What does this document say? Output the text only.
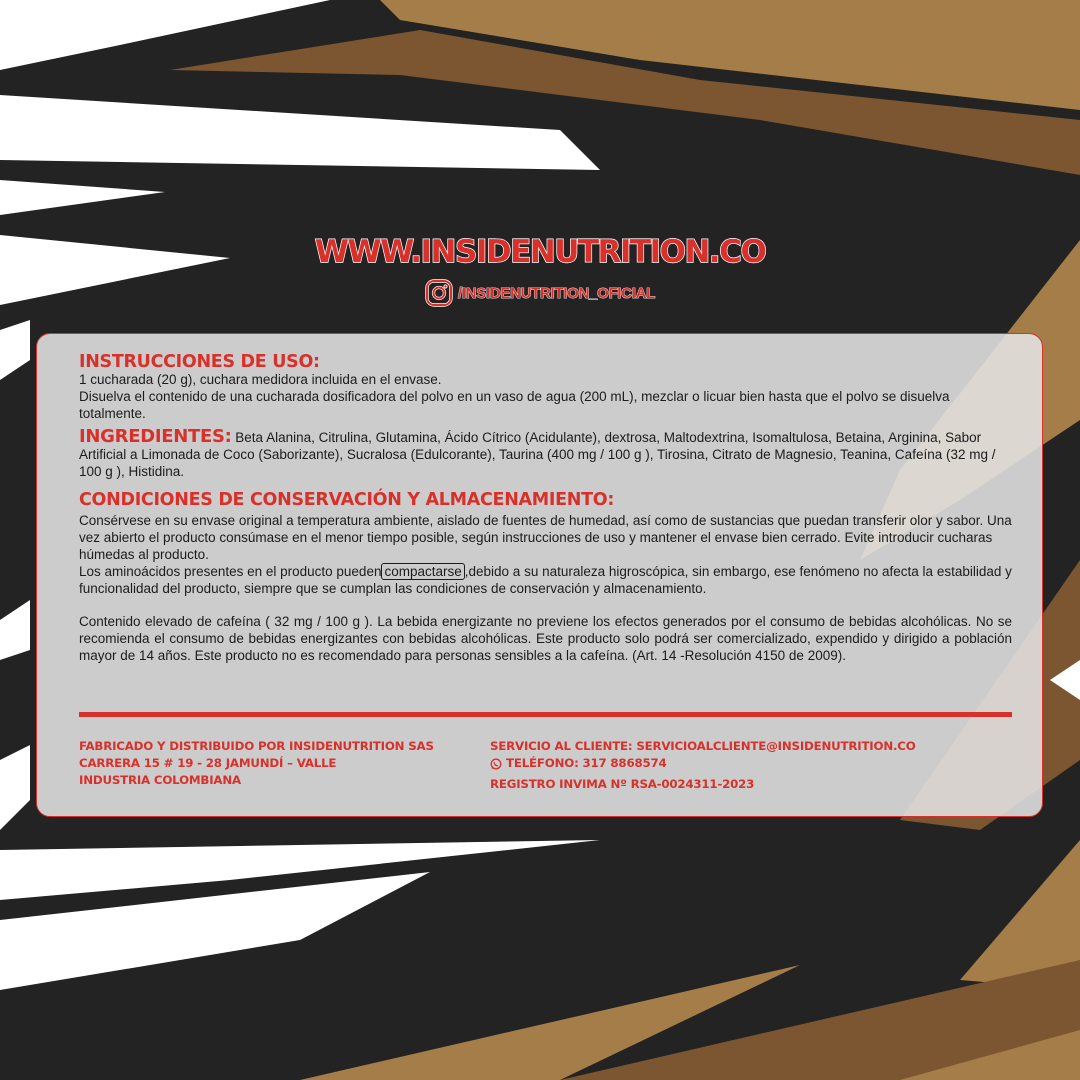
WWW.INSIDENUTRITION.CO
/INSIDENUTRITION_OFICIAL
INSTRUCCIONES DE USO:

1 cucharada (20 g), cuchara medidora incluida en el envase.

Disuelva el contenido de una cucharada dosificadora del polvo en un vaso de agua (200 mL), mezclar o licuar bien hasta que el polvo se disuelva totalmente.

INGREDIENTES: Beta Alanina, Citrulina, Glutamina, Ácido Cítrico (Acidulante), dextrosa, Maltodextrina, Isomaltulosa, Betaina, Arginina, Sabor Artificial a Limonada de Coco (Saborizante), Sucralosa (Edulcorante), Taurina (400 mg / 100 g ), Tirosina, Citrato de Magnesio, Teanina, Cafeína (32 mg / 100 g ), Histidina.

CONDICIONES DE CONSERVACIÓN Y ALMACENAMIENTO:

Consérvese en su envase original a temperatura ambiente, aislado de fuentes de humedad, así como de sustancias que puedan transferir olor y sabor. Una vez abierto el producto consúmase en el menor tiempo posible, según instrucciones de uso y mantener el envase bien cerrado. Evite introducir cucharas húmedas al producto.

Los aminoácidos presentes en el producto pueden compactarse ,debido a su naturaleza higroscópica, sin embargo, ese fenómeno no afecta la estabilidad y funcionalidad del producto, siempre que se cumplan las condiciones de conservación y almacenamiento.

Contenido elevado de cafeína ( 32 mg / 100 g ). La bebida energizante no previene los efectos generados por el consumo de bebidas alcohólicas. No se recomienda el consumo de bebidas energizantes con bebidas alcohólicas. Este producto solo podrá ser comercializado, expendido y dirigido a población mayor de 14 años. Este producto no es recomendado para personas sensibles a la cafeína. (Art. 14 -Resolución 4150 de 2009).

FABRICADO Y DISTRIBUIDO POR INSIDENUTRITION SAS
CARRERA 15 # 19 - 28 JAMUNDÍ – VALLE
INDUSTRIA COLOMBIANA
SERVICIO AL CLIENTE: SERVICIOALCLIENTE@INSIDENUTRITION.CO
TELÉFONO: 317 8868574
REGISTRO INVIMA Nº RSA-0024311-2023
